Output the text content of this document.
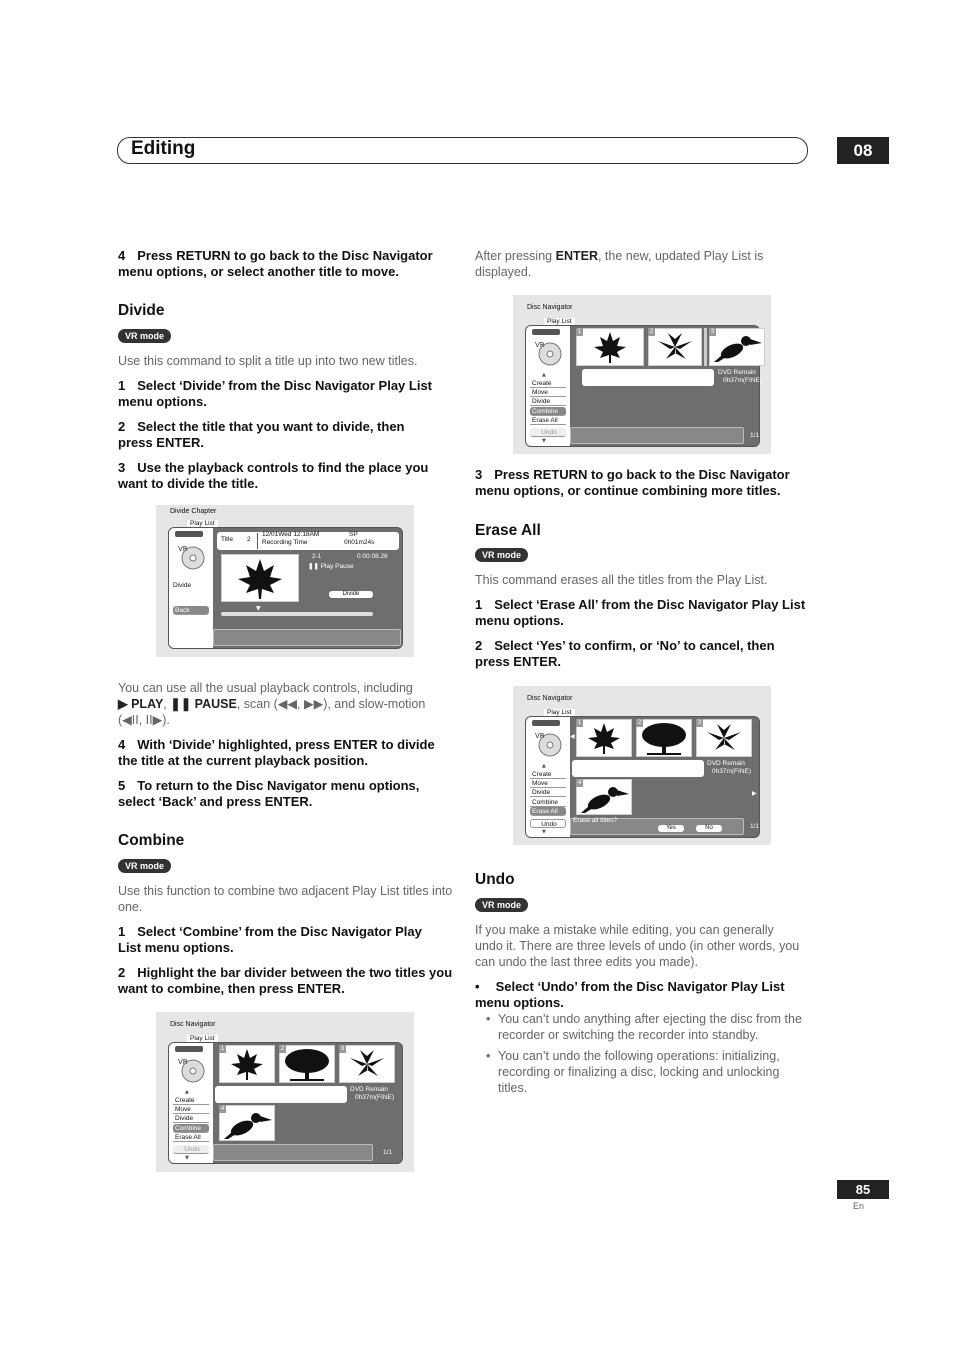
Editing	08
4 Press RETURN to go back to the Disc Navigator menu options, or select another title to move.
Divide
VR mode
Use this command to split a title up into two new titles.
1 Select ‘Divide’ from the Disc Navigator Play List menu options.
2 Select the title that you want to divide, then press ENTER.
3 Use the playback controls to find the place you want to divide the title.
Divide Chapter
Play List
VR
Divide
Back
Title 2
12/01Wed 12:18AM
Recording Time
SP
0h01m24s
2-1	0.00.08.26
❚❚ Play Pause
Divide
▼
You can use all the usual playback controls, including
▶ PLAY, ❚❚ PAUSE, scan (◀◀, ▶▶), and slow-motion (◀II, II▶).
4 With ‘Divide’ highlighted, press ENTER to divide the title at the current playback position.
5 To return to the Disc Navigator menu options, select ‘Back’ and press ENTER.
Combine
VR mode
Use this function to combine two adjacent Play List titles into one.
1 Select ‘Combine’ from the Disc Navigator Play List menu options.
2 Highlight the bar divider between the two titles you want to combine, then press ENTER.
Disc Navigator
Play List
VR
▲
Create
Move
Divide
Combine
Erase All
Undo
▼
1	2	3
DVD Remain
0h37m(FINE)
4
1/1
After pressing ENTER, the new, updated Play List is displayed.
Disc Navigator
Play List
VR
▲
Create
Move
Divide
Combine
Erase All
Undo
▼
1	2	3
DVD Remain
0h37m(FINE)
1/1
3 Press RETURN to go back to the Disc Navigator menu options, or continue combining more titles.
Erase All
VR mode
This command erases all the titles from the Play List.
1 Select ‘Erase All’ from the Disc Navigator Play List menu options.
2 Select ‘Yes’ to confirm, or ‘No’ to cancel, then press ENTER.
Disc Navigator
Play List
VR
▲
Create
Move
Divide
Combine
Erase All
Undo
▼
◀
1	2	3
DVD Remain
0h37m(FINE)
4
▶
Erase all titles?
Yes	No	1/1
Undo
VR mode
If you make a mistake while editing, you can generally undo it. There are three levels of undo (in other words, you can undo the last three edits you made).
• Select ‘Undo’ from the Disc Navigator Play List menu options.
• You can’t undo anything after ejecting the disc from the recorder or switching the recorder into standby.
• You can’t undo the following operations: initializing, recording or finalizing a disc, locking and unlocking titles.
85
En
